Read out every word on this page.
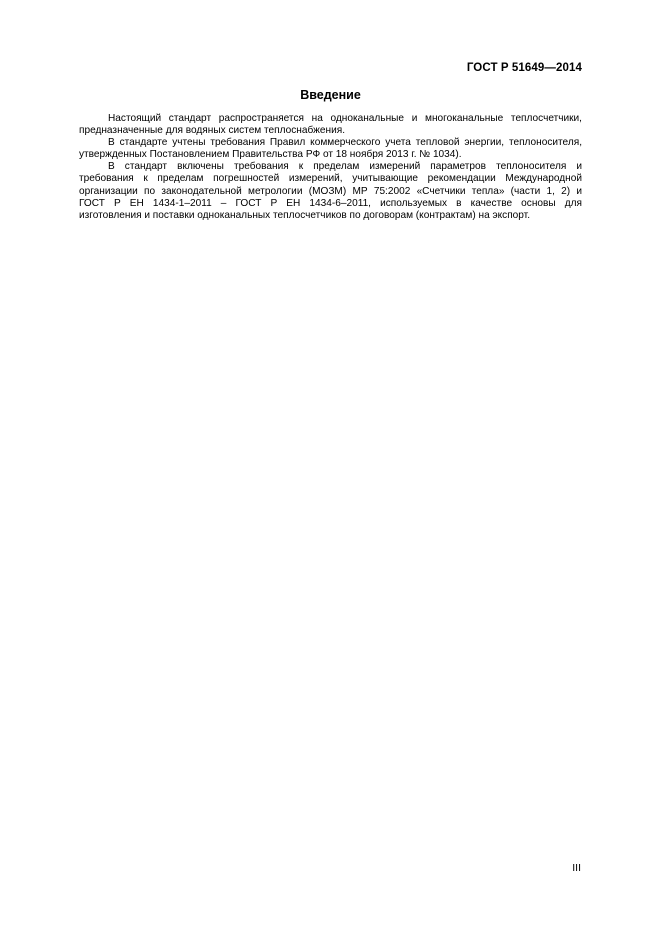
ГОСТ Р 51649—2014
Введение
Настоящий стандарт распространяется на одноканальные и многоканальные теплосчетчики,
предназначенные для водяных систем теплоснабжения.
В стандарте учтены требования Правил коммерческого учета тепловой энергии, теплоносителя,
утвержденных Постановлением Правительства РФ от 18 ноября 2013 г. № 1034).
В стандарт включены требования к пределам измерений параметров теплоносителя и
требования к пределам погрешностей измерений, учитывающие рекомендации Международной
организации по законодательной метрологии (МОЗМ) МР 75:2002 «Счетчики тепла» (части 1, 2) и
ГОСТ Р ЕН 1434-1–2011 – ГОСТ Р ЕН 1434-6–2011, используемых в качестве основы для
изготовления и поставки одноканальных теплосчетчиков по договорам (контрактам) на экспорт.
III
